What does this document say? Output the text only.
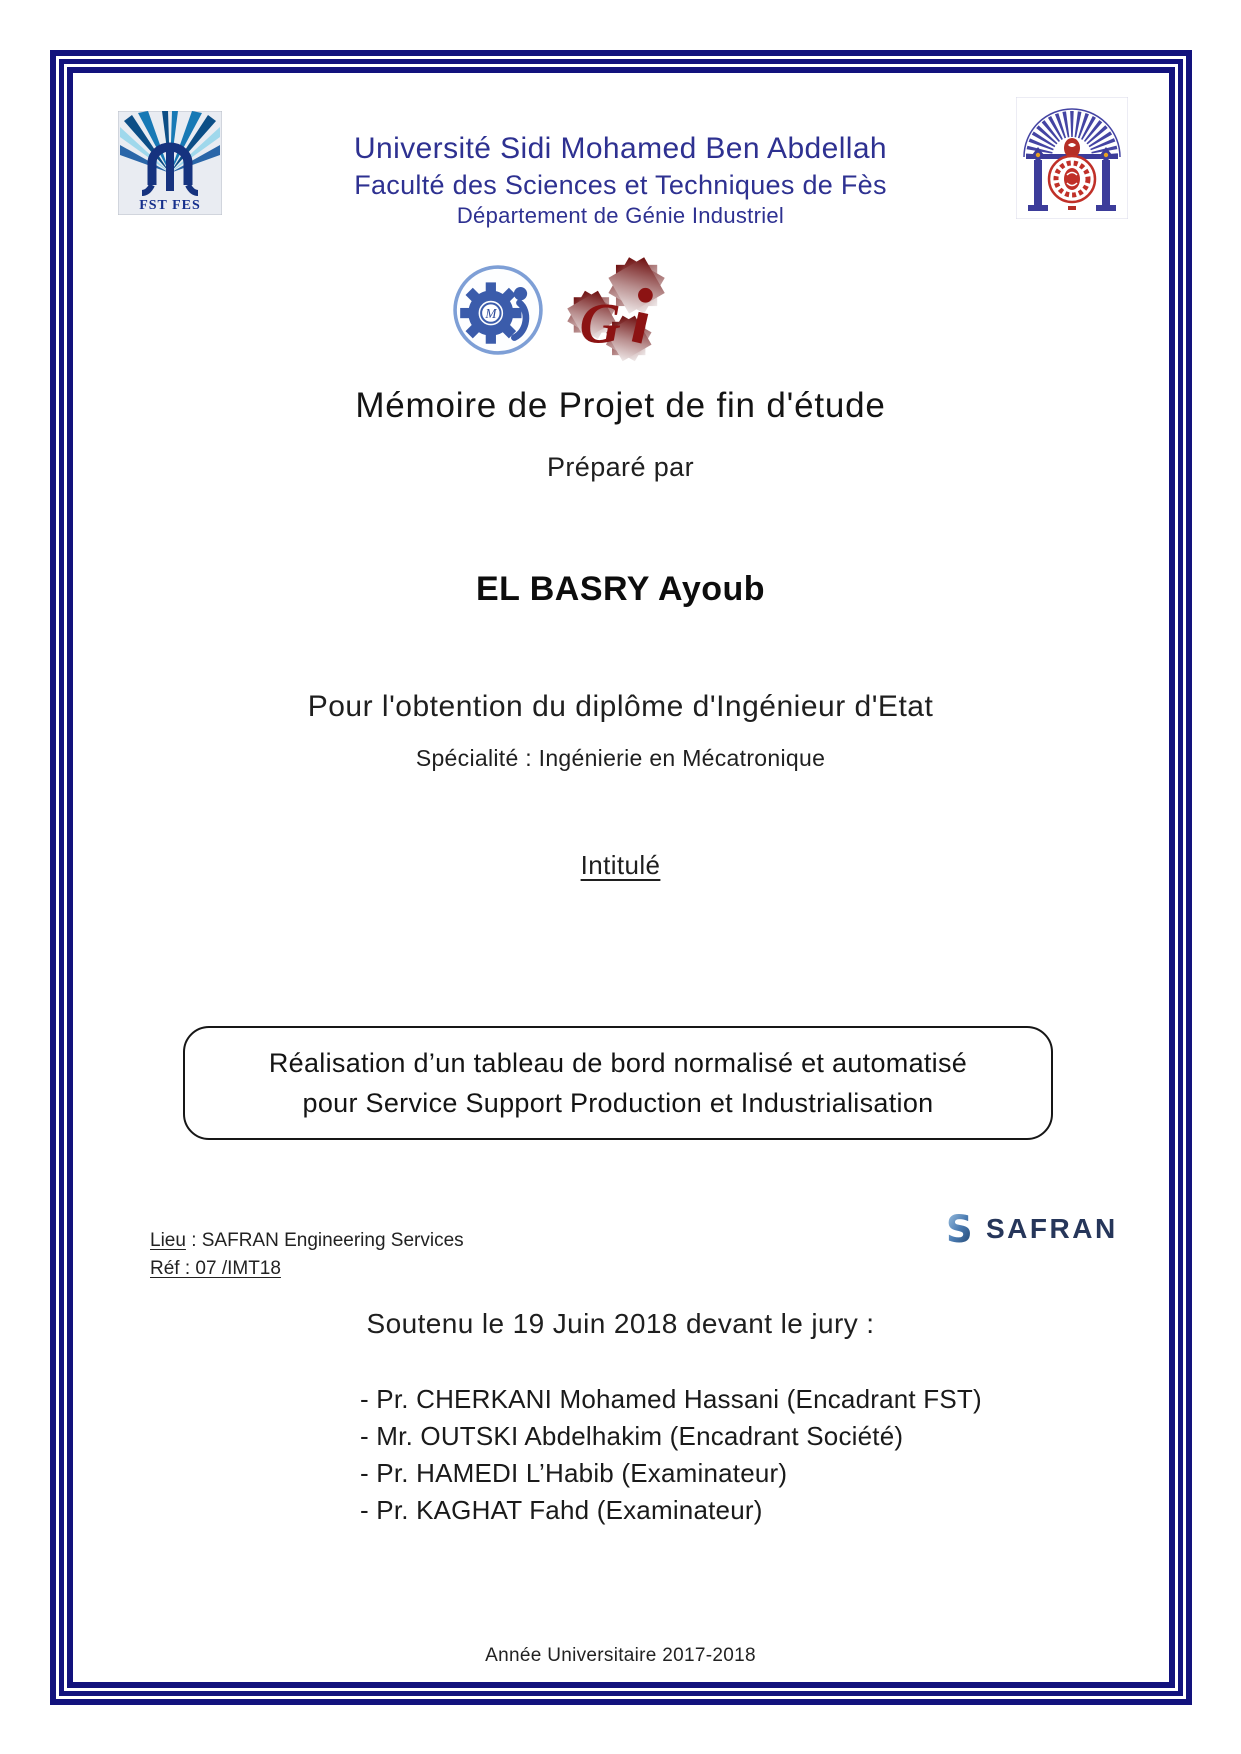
FST FES
Université Sidi Mohamed Ben Abdellah
Faculté des Sciences et Techniques de Fès
Département de Génie Industriel
M G
Mémoire de Projet de fin d'étude
Préparé par
EL BASRY Ayoub
Pour l'obtention du diplôme d'Ingénieur d'Etat
Spécialité : Ingénierie en Mécatronique
Intitulé
Réalisation d’un tableau de bord normalisé et automatisé
pour Service Support Production et Industrialisation
Lieu : SAFRAN Engineering Services
Réf : 07 /IMT18
S SAFRAN
Soutenu le 19 Juin 2018 devant le jury :
- Pr. CHERKANI Mohamed Hassani (Encadrant FST)
- Mr. OUTSKI Abdelhakim (Encadrant Société)
- Pr. HAMEDI L’Habib (Examinateur)
- Pr. KAGHAT Fahd (Examinateur)
Année Universitaire 2017-2018
